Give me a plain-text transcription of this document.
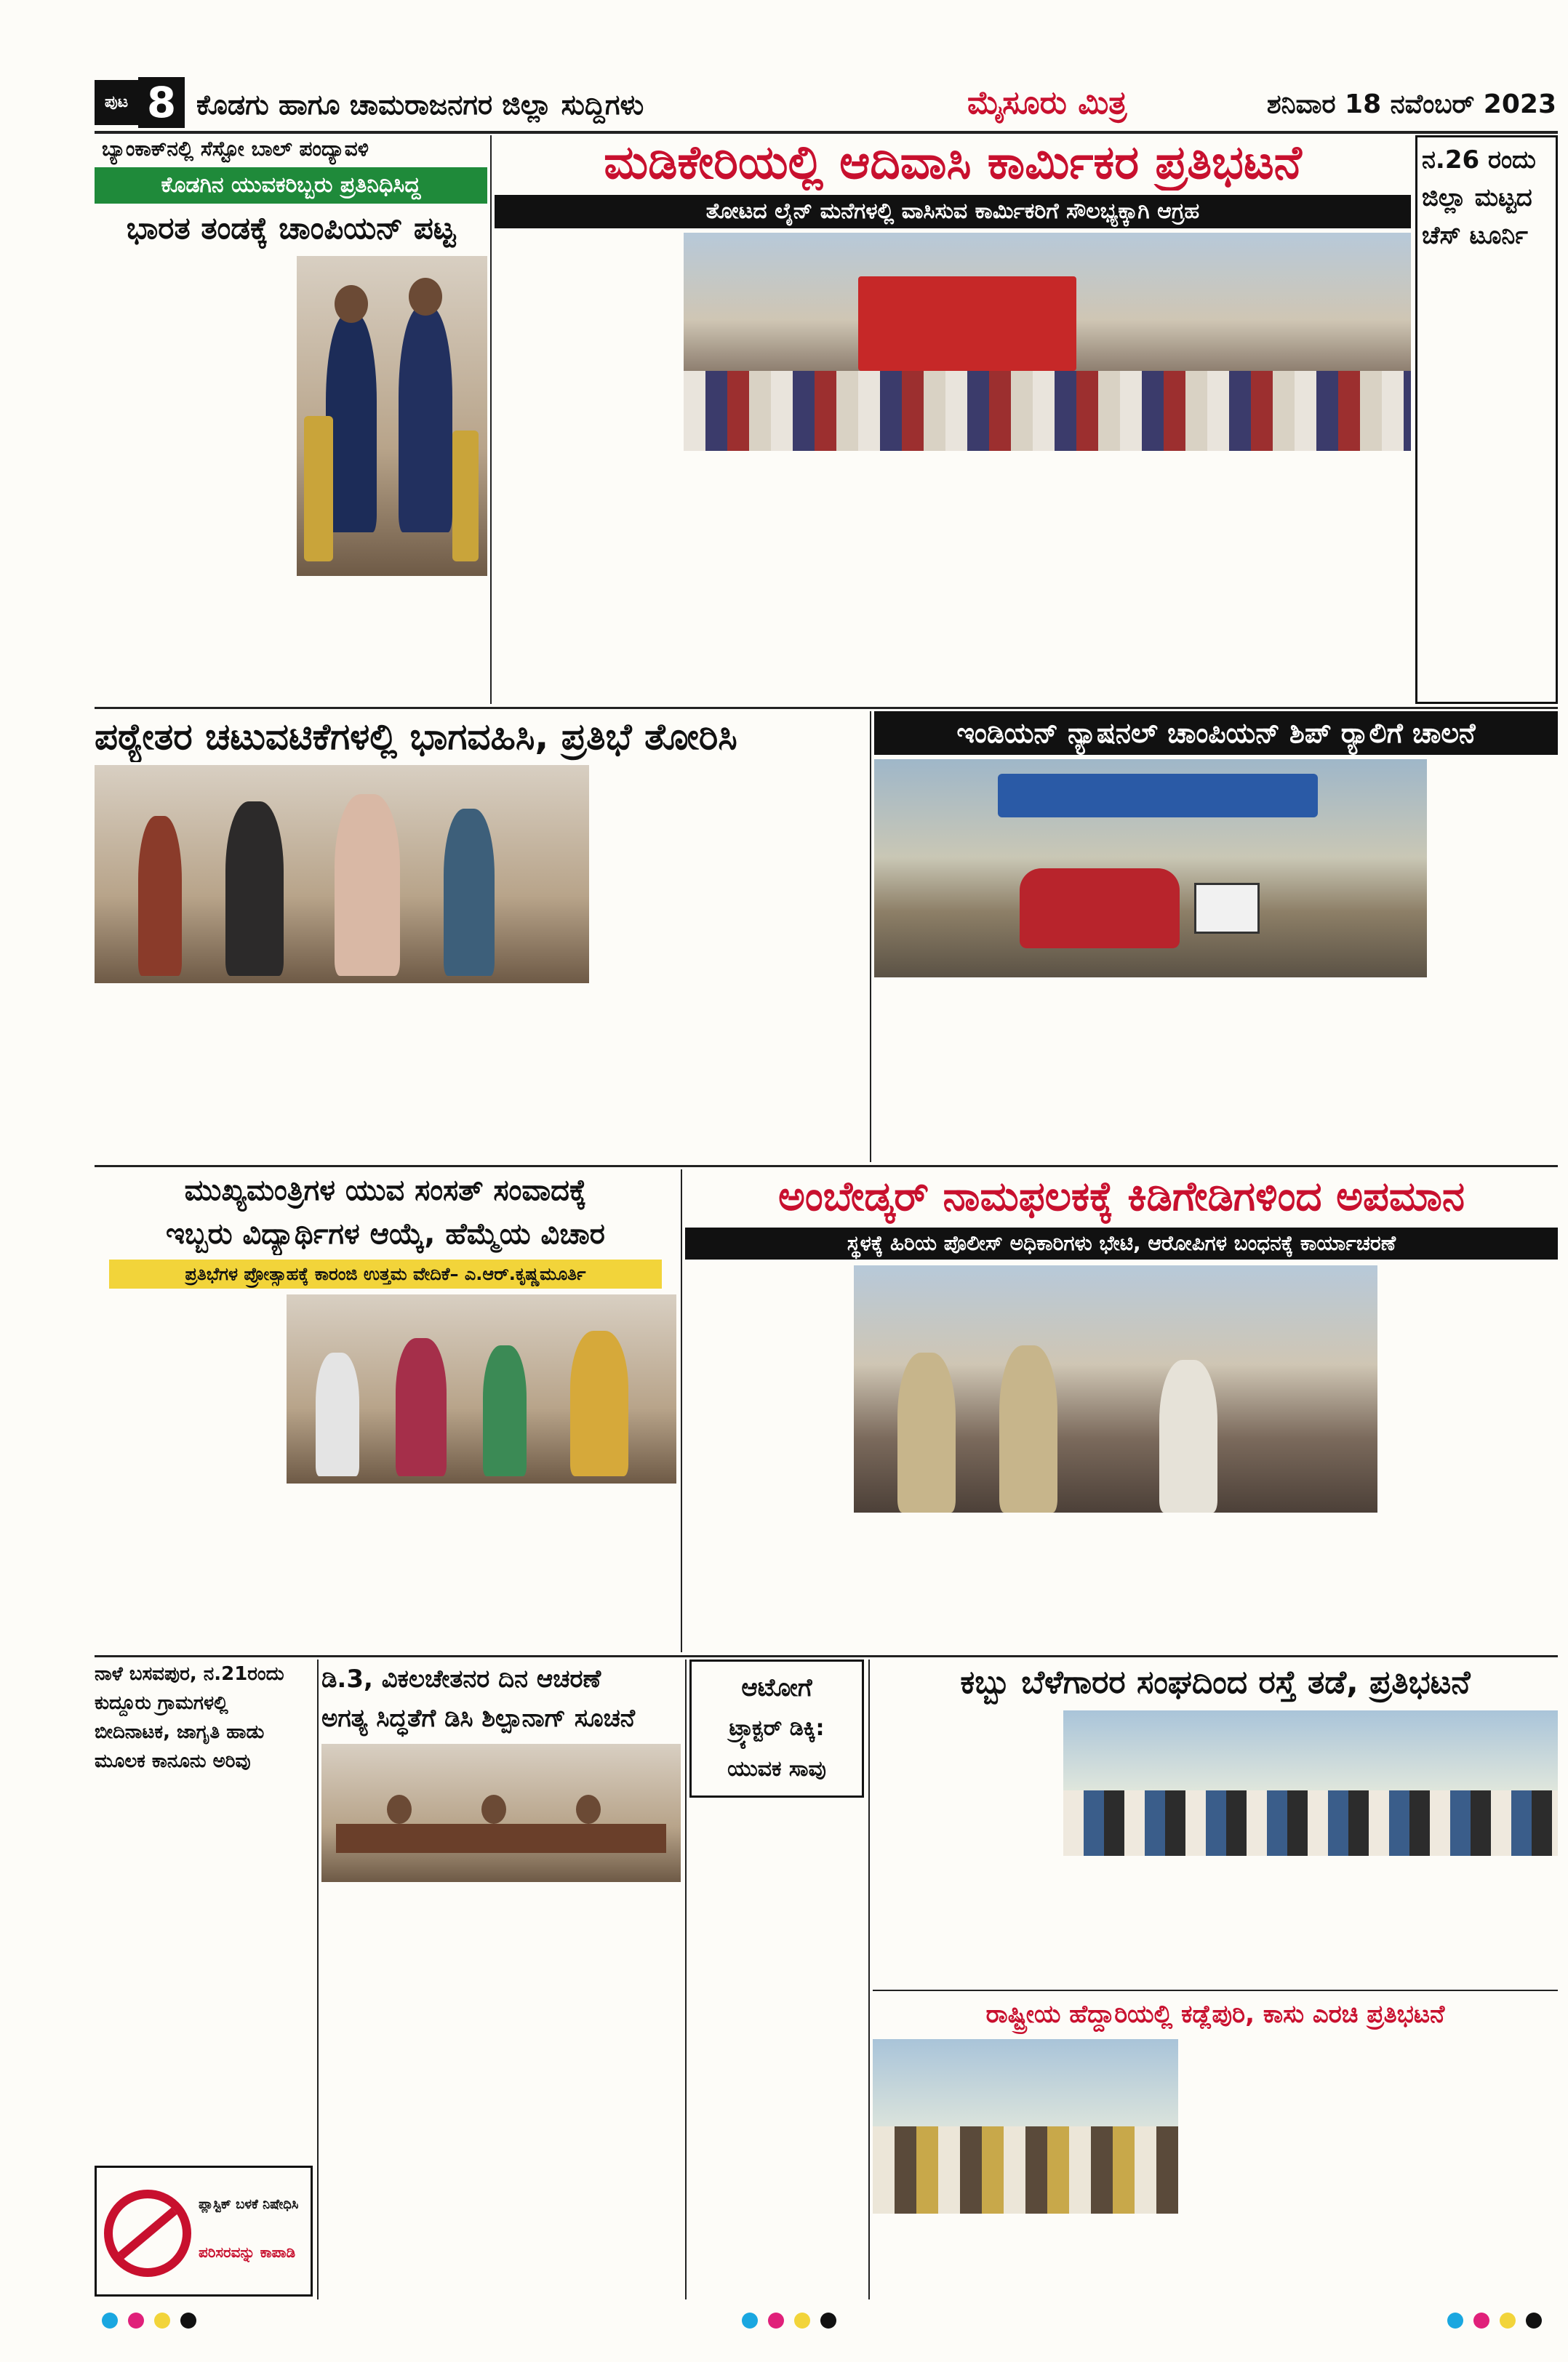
ಪುಟ 8 ಕೊಡಗು ಹಾಗೂ ಚಾಮರಾಜನಗರ ಜಿಲ್ಲಾ ಸುದ್ದಿಗಳು	ಮೈಸೂರು ಮಿತ್ರ	ಶನಿವಾರ 18 ನವೆಂಬರ್ 2023
ಬ್ಯಾಂಕಾಕ್‌ನಲ್ಲಿ ಸೆಸ್ಟೋ ಬಾಲ್ ಪಂದ್ಯಾವಳಿ
ಕೊಡಗಿನ ಯುವಕರಿಬ್ಬರು ಪ್ರತಿನಿಧಿಸಿದ್ದ
ಭಾರತ ತಂಡಕ್ಕೆ ಚಾಂಪಿಯನ್ ಪಟ್ಟ
ಮಡಿಕೇರಿಯಲ್ಲಿ ಆದಿವಾಸಿ ಕಾರ್ಮಿಕರ ಪ್ರತಿಭಟನೆ
ತೋಟದ ಲೈನ್ ಮನೆಗಳಲ್ಲಿ ವಾಸಿಸುವ ಕಾರ್ಮಿಕರಿಗೆ ಸೌಲಭ್ಯಕ್ಕಾಗಿ ಆಗ್ರಹ
ನ.26 ರಂದು
ಜಿಲ್ಲಾ ಮಟ್ಟದ
ಚೆಸ್ ಟೂರ್ನಿ
ಪಠ್ಯೇತರ ಚಟುವಟಿಕೆಗಳಲ್ಲಿ ಭಾಗವಹಿಸಿ, ಪ್ರತಿಭೆ ತೋರಿಸಿ	ಇಂಡಿಯನ್ ನ್ಯಾಷನಲ್ ಚಾಂಪಿಯನ್ ಶಿಪ್ ರ‍್ಯಾಲಿಗೆ ಚಾಲನೆ
ಮುಖ್ಯಮಂತ್ರಿಗಳ ಯುವ ಸಂಸತ್ ಸಂವಾದಕ್ಕೆ
ಇಬ್ಬರು ವಿದ್ಯಾರ್ಥಿಗಳ ಆಯ್ಕೆ, ಹೆಮ್ಮೆಯ ವಿಚಾರ
ಪ್ರತಿಭೆಗಳ ಪ್ರೋತ್ಸಾಹಕ್ಕೆ ಕಾರಂಜಿ ಉತ್ತಮ ವೇದಿಕೆ– ಎ.ಆರ್.ಕೃಷ್ಣಮೂರ್ತಿ
ಅಂಬೇಡ್ಕರ್ ನಾಮಫಲಕಕ್ಕೆ ಕಿಡಿಗೇಡಿಗಳಿಂದ ಅಪಮಾನ
ಸ್ಥಳಕ್ಕೆ ಹಿರಿಯ ಪೊಲೀಸ್ ಅಧಿಕಾರಿಗಳು ಭೇಟಿ, ಆರೋಪಿಗಳ ಬಂಧನಕ್ಕೆ ಕಾರ್ಯಾಚರಣೆ
ನಾಳೆ ಬಸವಪುರ, ನ.21ರಂದು
ಕುದ್ದೂರು ಗ್ರಾಮಗಳಲ್ಲಿ
ಬೀದಿನಾಟಕ, ಜಾಗೃತಿ ಹಾಡು
ಮೂಲಕ ಕಾನೂನು ಅರಿವು
ಪ್ಲಾಸ್ಟಿಕ್ ಬಳಕೆ ನಿಷೇಧಿಸಿ
ಪರಿಸರವನ್ನು ಕಾಪಾಡಿ
ಡಿ.3, ವಿಕಲಚೇತನರ ದಿನ ಆಚರಣೆ
ಅಗತ್ಯ ಸಿದ್ಧತೆಗೆ ಡಿಸಿ ಶಿಲ್ಪಾನಾಗ್ ಸೂಚನೆ
ಆಟೋಗೆ
ಟ್ರ್ಯಾಕ್ಟರ್ ಡಿಕ್ಕಿ:
ಯುವಕ ಸಾವು
ಕಬ್ಬು ಬೆಳೆಗಾರರ ಸಂಘದಿಂದ ರಸ್ತೆ ತಡೆ, ಪ್ರತಿಭಟನೆ
ರಾಷ್ಟ್ರೀಯ ಹೆದ್ದಾರಿಯಲ್ಲಿ ಕಡ್ಲೆಪುರಿ, ಕಾಸು ಎರಚಿ ಪ್ರತಿಭಟನೆ
